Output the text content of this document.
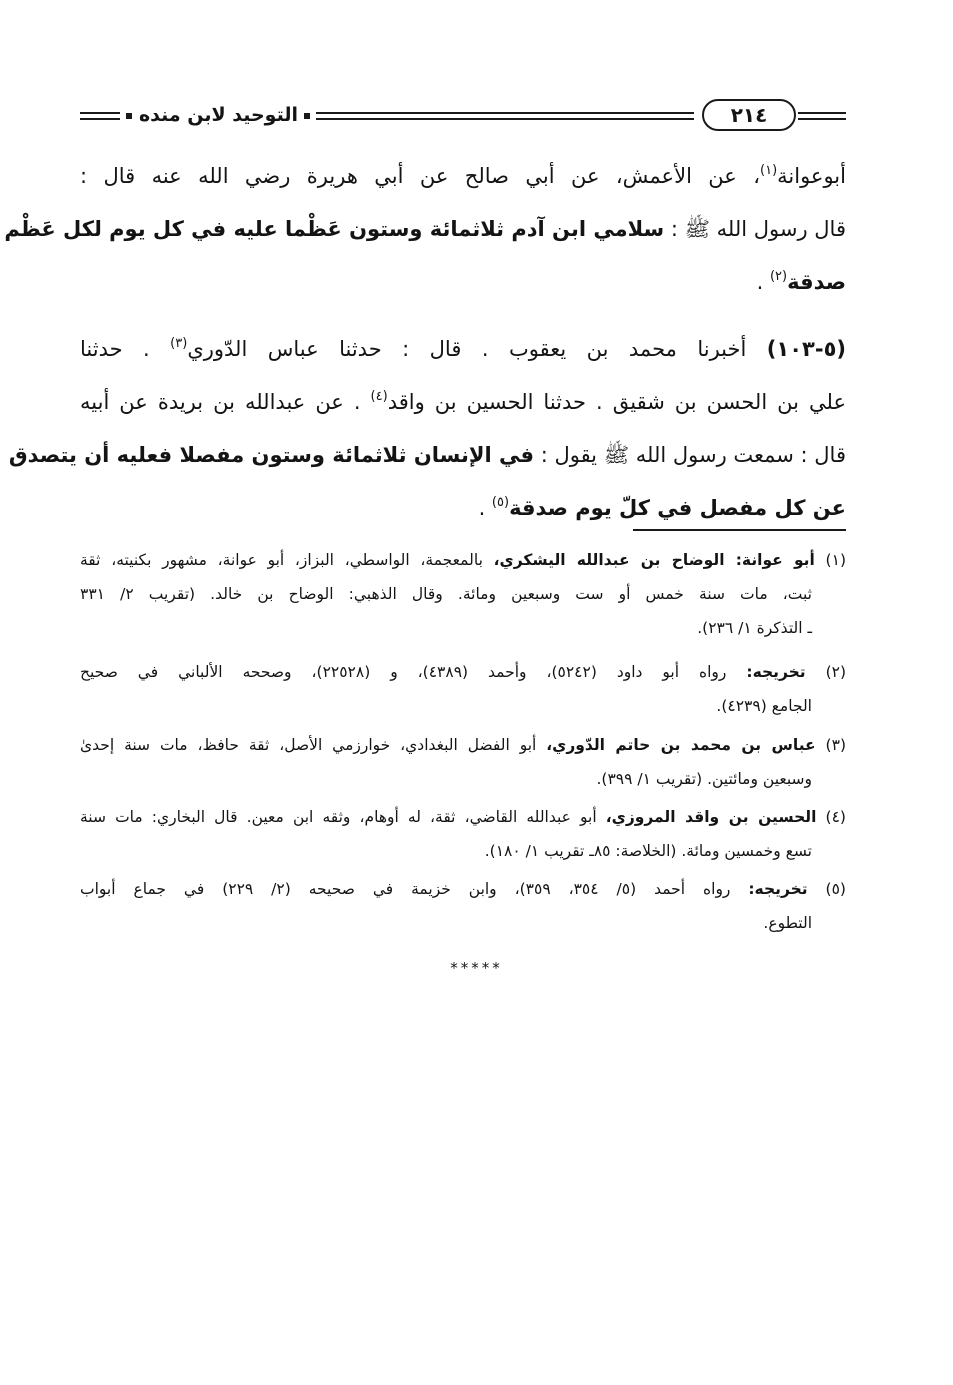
التوحيد لابن منده	٢١٤
أبوعوانة$^{(١)}$، عن الأعمش، عن أبي صالح عن أبي هريرة رضي الله عنه قال :
قال رسول الله ﷺ : سلامي ابن آدم ثلاثمائة وستون عَظْما عليه في كل يوم لكل عَظْم
صدقة$^{(٢)}$ .
(٥-١٠٣) أخبرنا محمد بن يعقوب . قال : حدثنا عباس الدّوري$^{(٣)}$ . حدثنا
علي بن الحسن بن شقيق . حدثنا الحسين بن واقد$^{(٤)}$ . عن عبدالله بن بريدة عن أبيه
قال : سمعت رسول الله ﷺ يقول : في الإنسان ثلاثمائة وستون مفصلا فعليه أن يتصدق
عن كل مفصل في كلّ يوم صدقة$^{(٥)}$ .
(١) أبو عوانة: الوضاح بن عبدالله اليشكري، بالمعجمة، الواسطي، البزاز، أبو عوانة، مشهور بكنيته، ثقة
ثبت، مات سنة خمس أو ست وسبعين ومائة. وقال الذهبي: الوضاح بن خالد. (تقريب ٢/ ٣٣١
ـ التذكرة ١/ ٢٣٦).
(٢) تخريجه: رواه أبو داود (٥٢٤٢)، وأحمد (٤٣٨٩)، و (٢٢٥٢٨)، وصححه الألباني في صحيح
الجامع (٤٢٣٩).
(٣) عباس بن محمد بن حاتم الدّوري، أبو الفضل البغدادي، خوارزمي الأصل، ثقة حافظ، مات سنة إحدىٰ
وسبعين ومائتين. (تقريب ١/ ٣٩٩).
(٤) الحسين بن واقد المروزي، أبو عبدالله القاضي، ثقة، له أوهام، وثقه ابن معين. قال البخاري: مات سنة
تسع وخمسين ومائة. (الخلاصة: ٨٥ـ تقريب ١/ ١٨٠).
(٥) تخريجه: رواه أحمد (٥/ ٣٥٤، ٣٥٩)، وابن خزيمة في صحيحه (٢/ ٢٢٩) في جماع أبواب
التطوع.
*****
